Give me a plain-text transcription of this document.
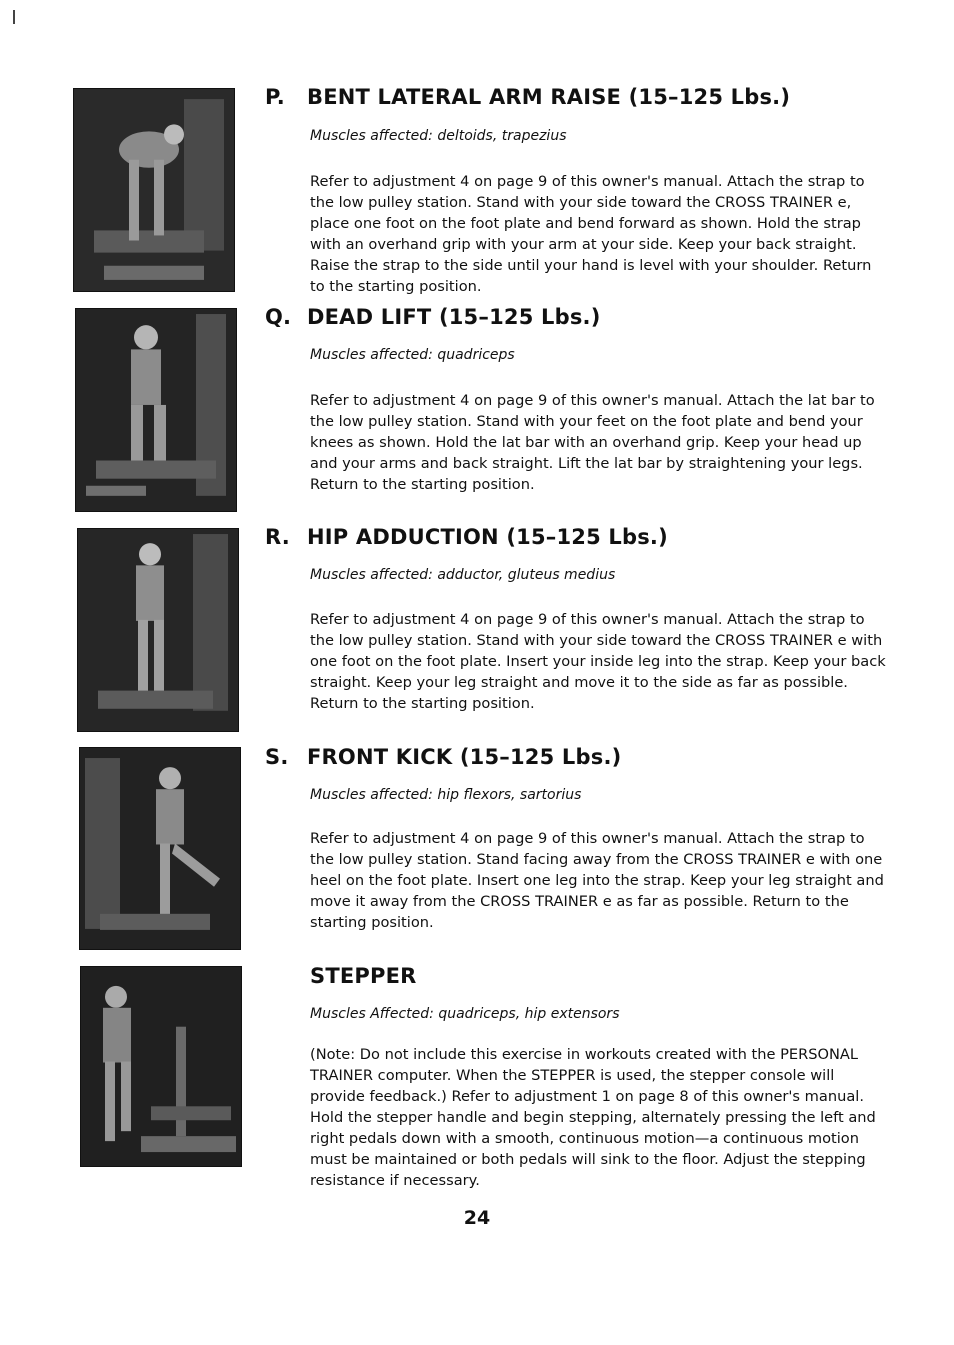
P. BENT LATERAL ARM RAISE (15–125 Lbs.)
Muscles affected: deltoids, trapezius
Refer to adjustment 4 on page 9 of this owner's manual. Attach the strap to the low pulley station. Stand with your side toward the CROSS TRAINER e, place one foot on the foot plate and bend forward as shown. Hold the strap with an overhand grip with your arm at your side. Keep your back straight. Raise the strap to the side until your hand is level with your shoulder. Return to the starting position.
Q. DEAD LIFT (15–125 Lbs.)
Muscles affected: quadriceps
Refer to adjustment 4 on page 9 of this owner's manual. Attach the lat bar to the low pulley station. Stand with your feet on the foot plate and bend your knees as shown. Hold the lat bar with an overhand grip. Keep your head up and your arms and back straight. Lift the lat bar by straightening your legs. Return to the starting position.
R. HIP ADDUCTION (15–125 Lbs.)
Muscles affected: adductor, gluteus medius
Refer to adjustment 4 on page 9 of this owner's manual. Attach the strap to the low pulley station. Stand with your side toward the CROSS TRAINER e with one foot on the foot plate. Insert your inside leg into the strap. Keep your back straight. Keep your leg straight and move it to the side as far as possible. Return to the starting position.
S. FRONT KICK (15–125 Lbs.)
Muscles affected: hip flexors, sartorius
Refer to adjustment 4 on page 9 of this owner's manual. Attach the strap to the low pulley station. Stand facing away from the CROSS TRAINER e with one heel on the foot plate. Insert one leg into the strap. Keep your leg straight and move it away from the CROSS TRAINER e as far as possible. Return to the starting position.
STEPPER
Muscles Affected: quadriceps, hip extensors
(Note: Do not include this exercise in workouts created with the PERSONAL TRAINER computer. When the STEPPER is used, the stepper console will provide feedback.) Refer to adjustment 1 on page 8 of this owner's manual. Hold the stepper handle and begin stepping, alternately pressing the left and right pedals down with a smooth, continuous motion—a continuous motion must be maintained or both pedals will sink to the floor. Adjust the stepping resistance if necessary.
24
